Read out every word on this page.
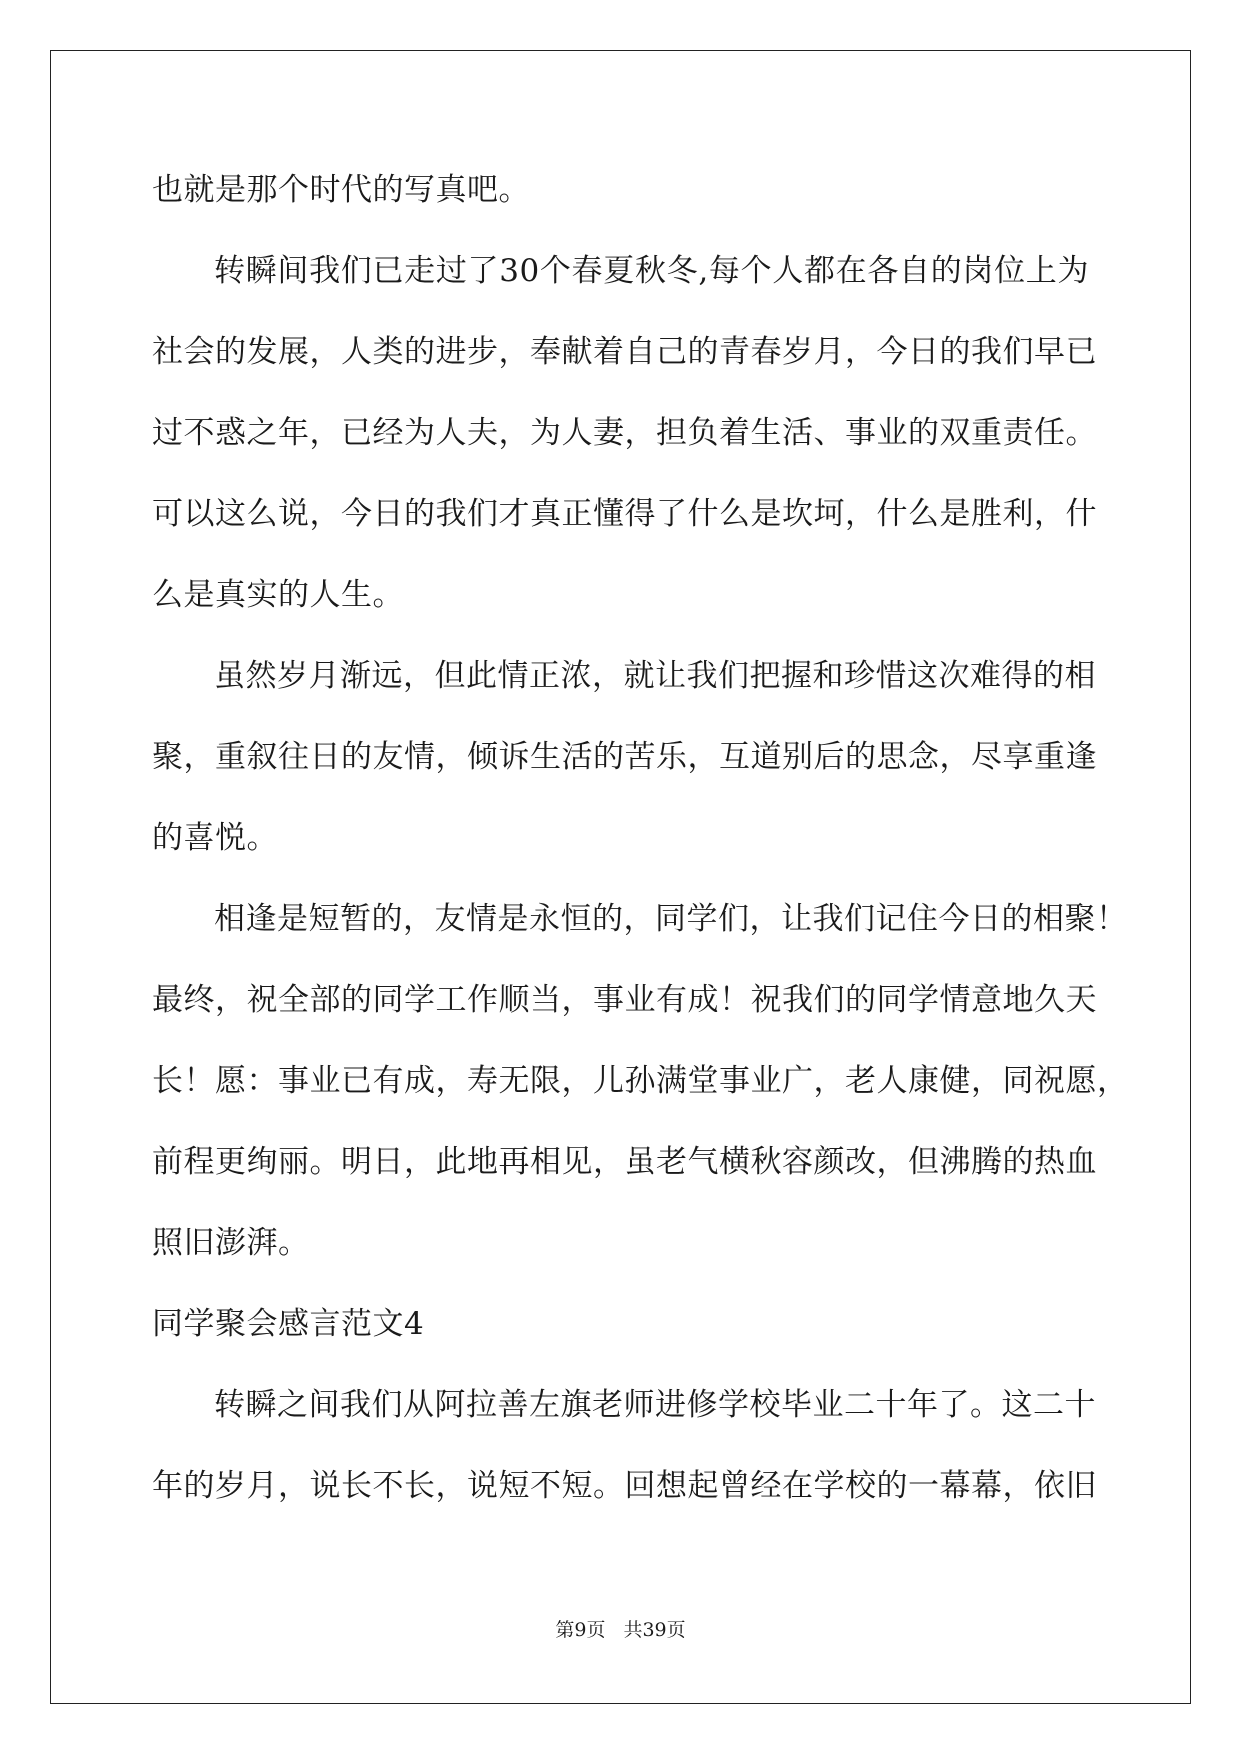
也就是那个时代的写真吧。
转瞬间我们已走过了30个春夏秋冬,每个人都在各自的岗位上为
社会的发展，人类的进步，奉献着自己的青春岁月，今日的我们早已
过不惑之年，已经为人夫，为人妻，担负着生活、事业的双重责任。
可以这么说，今日的我们才真正懂得了什么是坎坷，什么是胜利，什
么是真实的人生。
虽然岁月渐远，但此情正浓，就让我们把握和珍惜这次难得的相
聚，重叙往日的友情，倾诉生活的苦乐，互道别后的思念，尽享重逢
的喜悦。
相逢是短暂的，友情是永恒的，同学们，让我们记住今日的相聚！
最终，祝全部的同学工作顺当，事业有成！祝我们的同学情意地久天
长！愿：事业已有成，寿无限，儿孙满堂事业广，老人康健，同祝愿，
前程更绚丽。明日，此地再相见，虽老气横秋容颜改，但沸腾的热血
照旧澎湃。
同学聚会感言范文4
转瞬之间我们从阿拉善左旗老师进修学校毕业二十年了。这二十
年的岁月，说长不长，说短不短。回想起曾经在学校的一幕幕，依旧
第9页 共39页
